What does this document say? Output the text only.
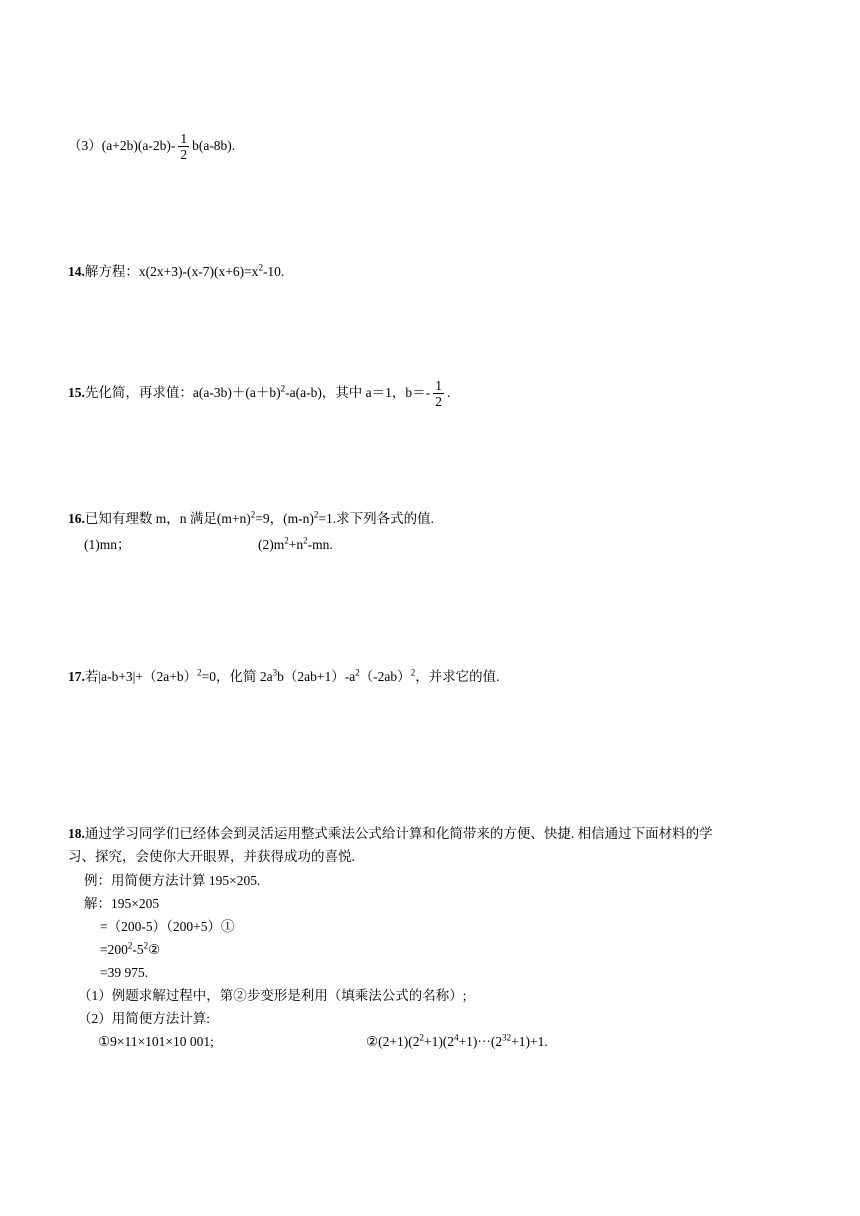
$(3)(a+2b)(a-2b)- \frac{1}{2} b(a-8b)$.
14.解方程：$x(2x+3)-(x-7)(x+6)=x^2-10$.
15.先化简，再求值：$a(a-3b)+(a+b)^2-a(a-b)$，其中 a＝1，$b=- \frac{1}{2}$ .
16.已知有理数 m，n 满足$(m+n)^2=9$，$(m-n)^2=1$.求下列各式的值.
(1)mn；	$(2)m^2+n^2-mn$.
17.若$|a-b+3|+(2a+b)^2=0$，化简 $2a^3b(2ab+1)-a^2(-2ab)^2$，并求它的值.
18.通过学习同学们已经体会到灵活运用整式乘法公式给计算和化简带来的方便、快捷. 相信通过下面材料的学
习、探究，会使你大开眼界，并获得成功的喜悦.
例：用简便方法计算 195×205.
解：195×205
=（200-5）（200+5）①
$=200^2-5^2②$
=39 975.
（1）例题求解过程中，第②步变形是利用（填乘法公式的名称）;
（2）用简便方法计算:
①9×11×101×10 001;	$②(2+1)(2^2+1)(2^4+1)\cdot\cdot\cdot(2^{32}+1)+1$.
